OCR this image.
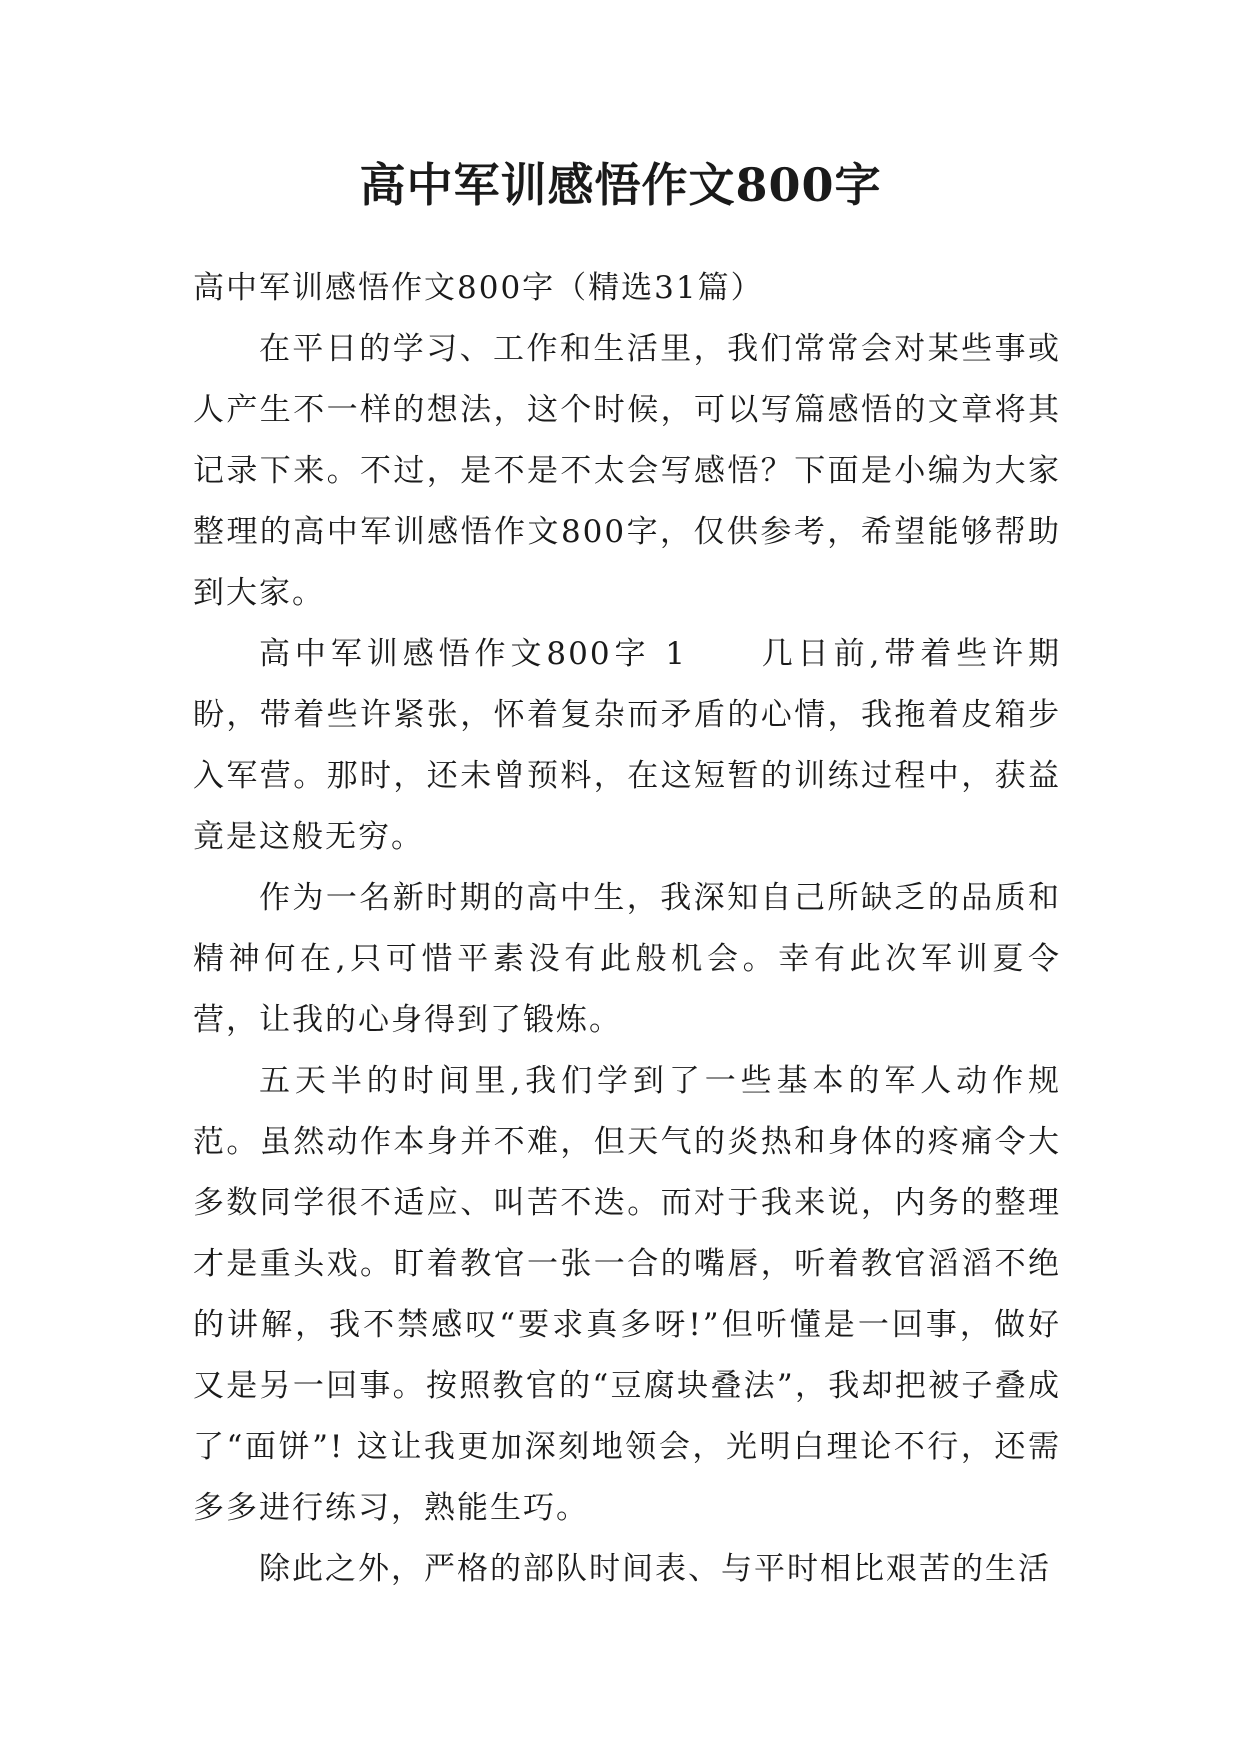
高中军训感悟作文800字

高中军训感悟作文800字（精选31篇）

在平日的学习、工作和生活里，我们常常会对某些事或人产生不一样的想法，这个时候，可以写篇感悟的文章将其记录下来。不过，是不是不太会写感悟？下面是小编为大家整理的高中军训感悟作文800字，仅供参考，希望能够帮助到大家。

高中军训感悟作文800字 1　　几日前,带着些许期盼，带着些许紧张，怀着复杂而矛盾的心情，我拖着皮箱步入军营。那时，还未曾预料，在这短暂的训练过程中，获益竟是这般无穷。

作为一名新时期的高中生，我深知自己所缺乏的品质和精神何在,只可惜平素没有此般机会。幸有此次军训夏令营，让我的心身得到了锻炼。

五天半的时间里,我们学到了一些基本的军人动作规范。虽然动作本身并不难，但天气的炎热和身体的疼痛令大多数同学很不适应、叫苦不迭。而对于我来说，内务的整理才是重头戏。盯着教官一张一合的嘴唇，听着教官滔滔不绝的讲解，我不禁感叹“要求真多呀!”但听懂是一回事，做好又是另一回事。按照教官的“豆腐块叠法”，我却把被子叠成了“面饼”! 这让我更加深刻地领会，光明白理论不行，还需多多进行练习，熟能生巧。

除此之外，严格的部队时间表、与平时相比艰苦的生活
